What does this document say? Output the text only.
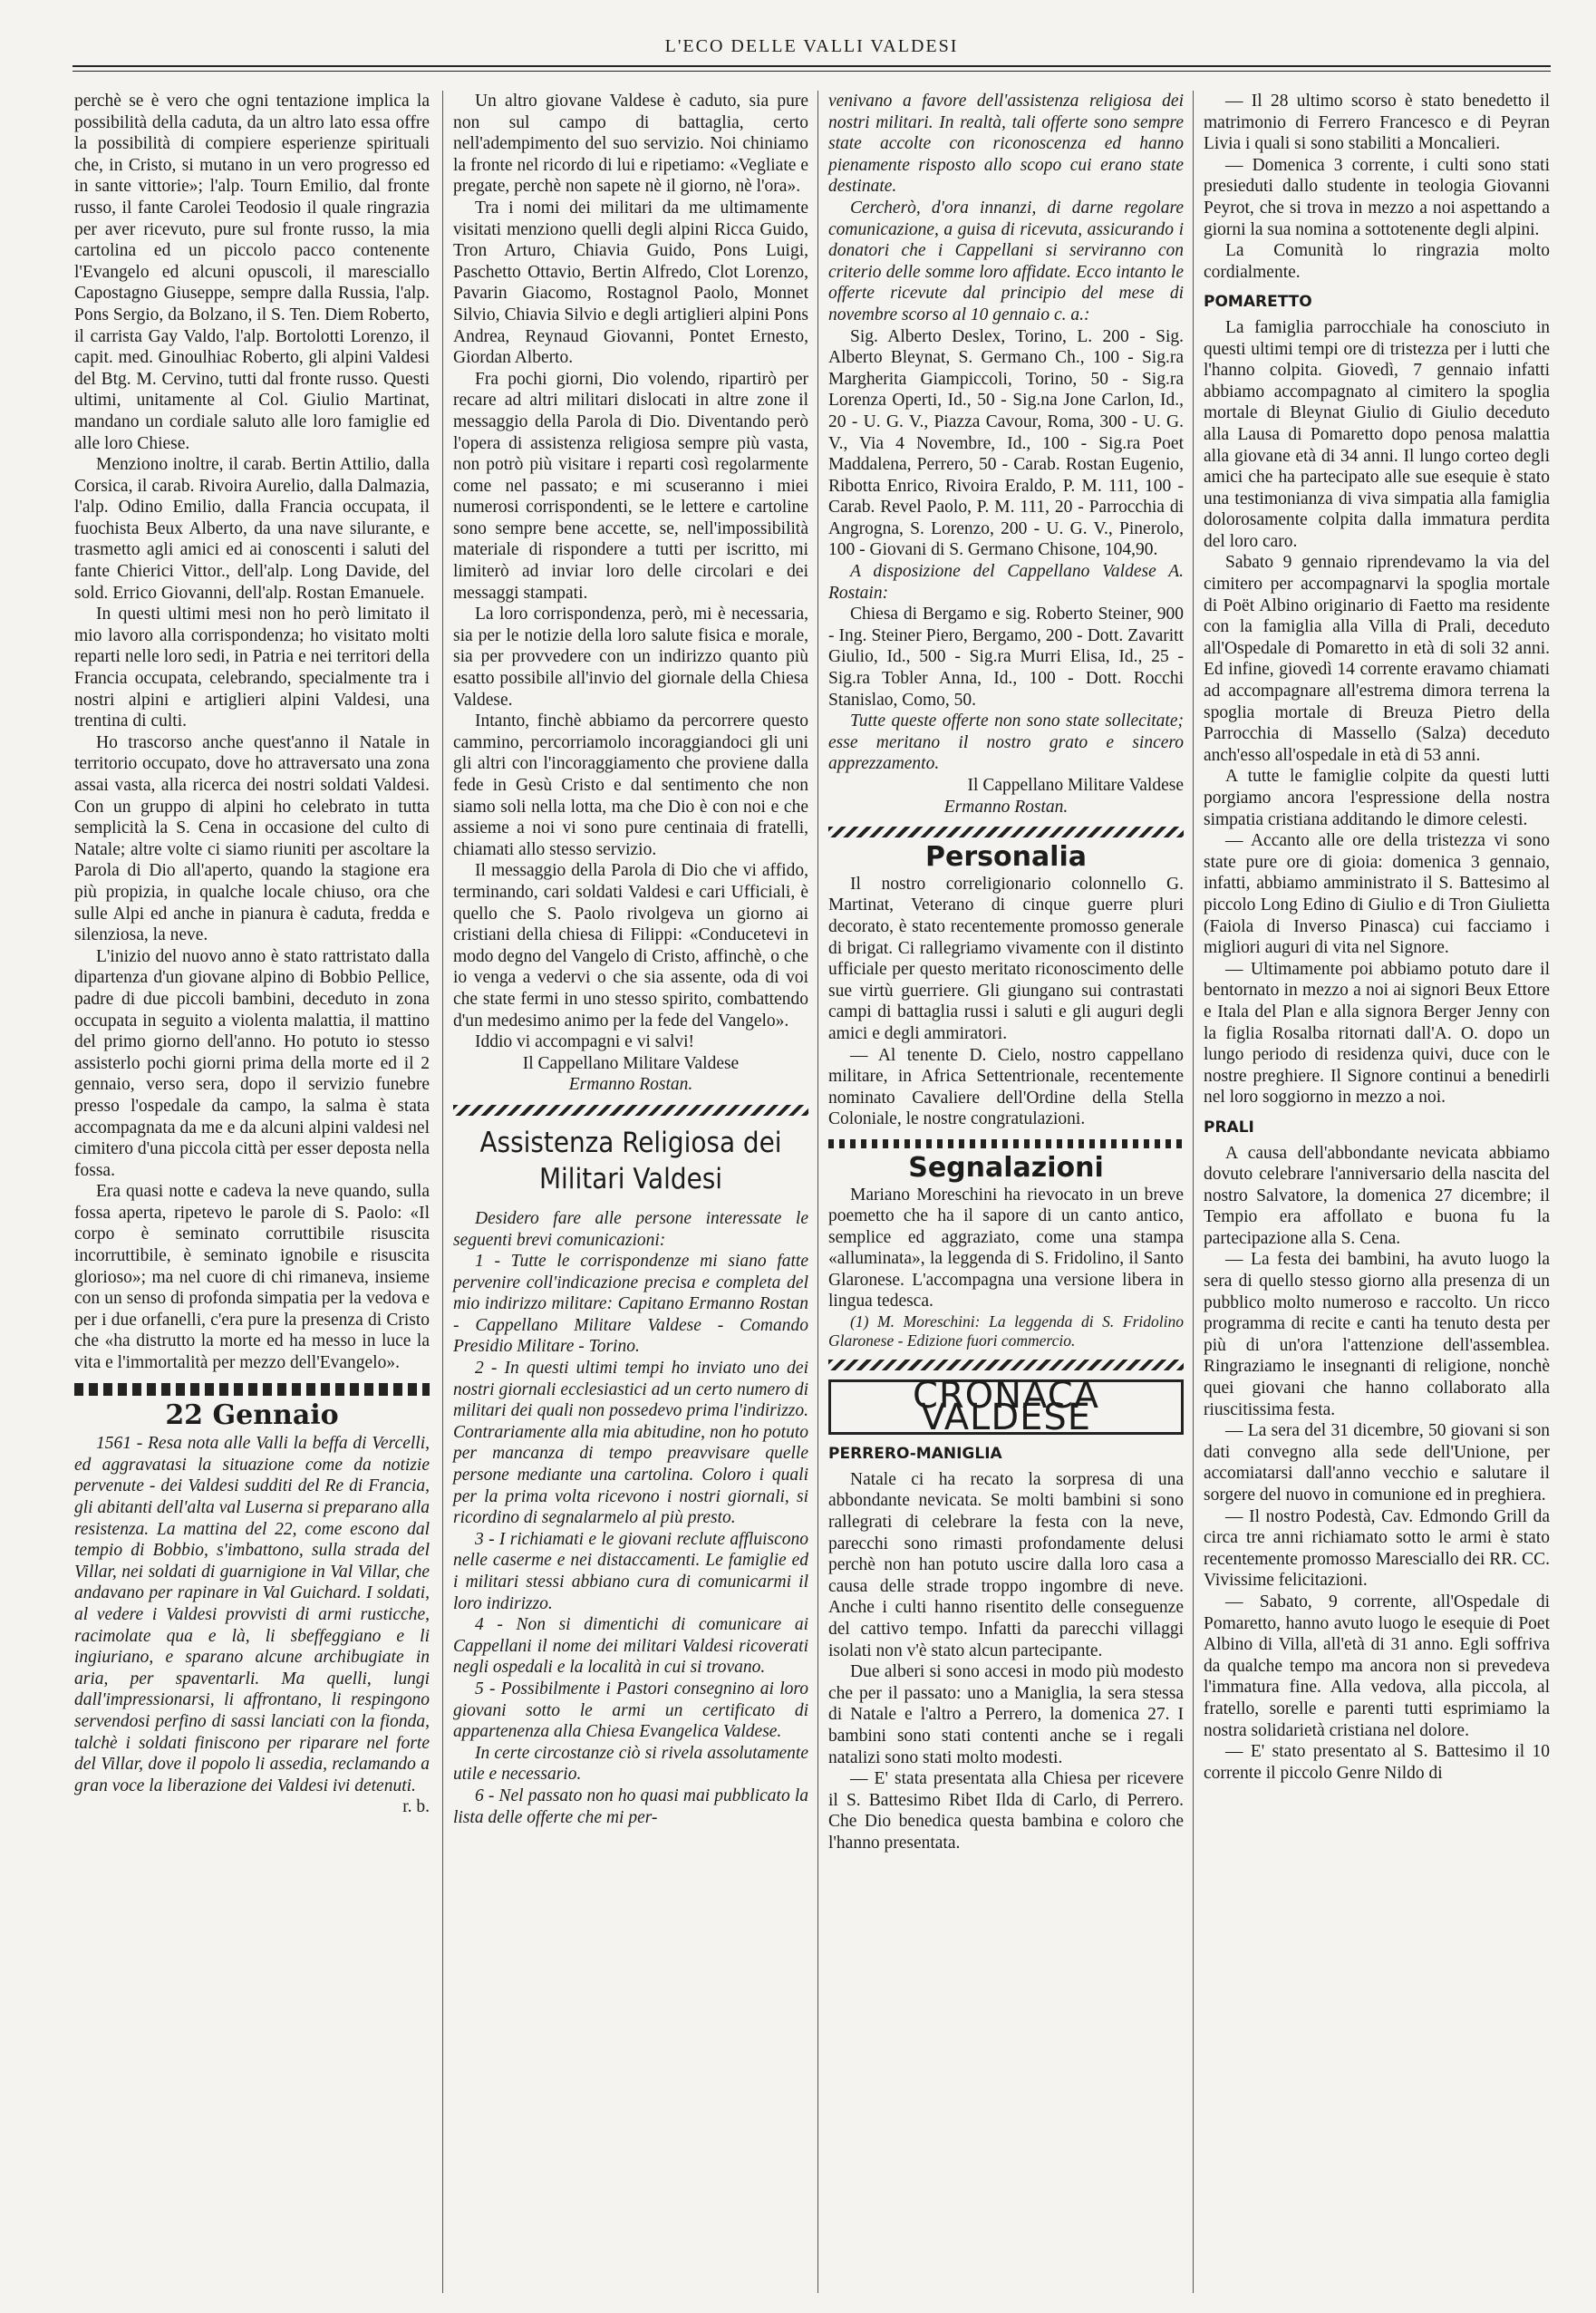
L'ECO DELLE VALLI VALDESI

perchè se è vero che ogni tentazione implica la possibilità della caduta, da un altro lato essa offre la possibilità di compiere esperienze spirituali che, in Cristo, si mutano in un vero progresso ed in sante vittorie»; l'alp. Tourn Emilio, dal fronte russo, il fante Carolei Teodosio il quale ringrazia per aver ricevuto, pure sul fronte russo, la mia cartolina ed un piccolo pacco contenente l'Evangelo ed alcuni opuscoli, il maresciallo Capostagno Giuseppe, sempre dalla Russia, l'alp. Pons Sergio, da Bolzano, il S. Ten. Diem Roberto, il carrista Gay Valdo, l'alp. Bortolotti Lorenzo, il capit. med. Ginoulhiac Roberto, gli alpini Valdesi del Btg. M. Cervino, tutti dal fronte russo. Questi ultimi, unitamente al Col. Giulio Martinat, mandano un cordiale saluto alle loro famiglie ed alle loro Chiese.

Menziono inoltre, il carab. Bertin Attilio, dalla Corsica, il carab. Rivoira Aurelio, dalla Dalmazia, l'alp. Odino Emilio, dalla Francia occupata, il fuochista Beux Alberto, da una nave silurante, e trasmetto agli amici ed ai conoscenti i saluti del fante Chierici Vittor., dell'alp. Long Davide, del sold. Errico Giovanni, dell'alp. Rostan Emanuele.

In questi ultimi mesi non ho però limitato il mio lavoro alla corrispondenza; ho visitato molti reparti nelle loro sedi, in Patria e nei territori della Francia occupata, celebrando, specialmente tra i nostri alpini e artiglieri alpini Valdesi, una trentina di culti.

Ho trascorso anche quest'anno il Natale in territorio occupato, dove ho attraversato una zona assai vasta, alla ricerca dei nostri soldati Valdesi. Con un gruppo di alpini ho celebrato in tutta semplicità la S. Cena in occasione del culto di Natale; altre volte ci siamo riuniti per ascoltare la Parola di Dio all'aperto, quando la stagione era più propizia, in qualche locale chiuso, ora che sulle Alpi ed anche in pianura è caduta, fredda e silenziosa, la neve.

L'inizio del nuovo anno è stato rattristato dalla dipartenza d'un giovane alpino di Bobbio Pellice, padre di due piccoli bambini, deceduto in zona occupata in seguito a violenta malattia, il mattino del primo giorno dell'anno. Ho potuto io stesso assisterlo pochi giorni prima della morte ed il 2 gennaio, verso sera, dopo il servizio funebre presso l'ospedale da campo, la salma è stata accompagnata da me e da alcuni alpini valdesi nel cimitero d'una piccola città per esser deposta nella fossa.

Era quasi notte e cadeva la neve quando, sulla fossa aperta, ripetevo le parole di S. Paolo: «Il corpo è seminato corruttibile risuscita incorruttibile, è seminato ignobile e risuscita glorioso»; ma nel cuore di chi rimaneva, insieme con un senso di profonda simpatia per la vedova e per i due orfanelli, c'era pure la presenza di Cristo che «ha distrutto la morte ed ha messo in luce la vita e l'immortalità per mezzo dell'Evangelo».

22 Gennaio

1561 - Resa nota alle Valli la beffa di Vercelli, ed aggravatasi la situazione come da notizie pervenute - dei Valdesi sudditi del Re di Francia, gli abitanti dell'alta val Luserna si preparano alla resistenza. La mattina del 22, come escono dal tempio di Bobbio, s'imbattono, sulla strada del Villar, nei soldati di guarnigione in Val Villar, che andavano per rapinare in Val Guichard. I soldati, al vedere i Valdesi provvisti di armi rusticche, racimolate qua e là, li sbeffeggiano e li ingiuriano, e sparano alcune archibugiate in aria, per spaventarli. Ma quelli, lungi dall'impressionarsi, li affrontano, li respingono servendosi perfino di sassi lanciati con la fionda, talchè i soldati finiscono per riparare nel forte del Villar, dove il popolo li assedia, reclamando a gran voce la liberazione dei Valdesi ivi detenuti.

r. b.

Un altro giovane Valdese è caduto, sia pure non sul campo di battaglia, certo nell'adempimento del suo servizio. Noi chiniamo la fronte nel ricordo di lui e ripetiamo: «Vegliate e pregate, perchè non sapete nè il giorno, nè l'ora».

Tra i nomi dei militari da me ultimamente visitati menziono quelli degli alpini Ricca Guido, Tron Arturo, Chiavia Guido, Pons Luigi, Paschetto Ottavio, Bertin Alfredo, Clot Lorenzo, Pavarin Giacomo, Rostagnol Paolo, Monnet Silvio, Chiavia Silvio e degli artiglieri alpini Pons Andrea, Reynaud Giovanni, Pontet Ernesto, Giordan Alberto.

Fra pochi giorni, Dio volendo, ripartirò per recare ad altri militari dislocati in altre zone il messaggio della Parola di Dio. Diventando però l'opera di assistenza religiosa sempre più vasta, non potrò più visitare i reparti così regolarmente come nel passato; e mi scuseranno i miei numerosi corrispondenti, se le lettere e cartoline sono sempre bene accette, se, nell'impossibilità materiale di rispondere a tutti per iscritto, mi limiterò ad inviar loro delle circolari e dei messaggi stampati.

La loro corrispondenza, però, mi è necessaria, sia per le notizie della loro salute fisica e morale, sia per provvedere con un indirizzo quanto più esatto possibile all'invio del giornale della Chiesa Valdese.

Intanto, finchè abbiamo da percorrere questo cammino, percorriamolo incoraggiandoci gli uni gli altri con l'incoraggiamento che proviene dalla fede in Gesù Cristo e dal sentimento che non siamo soli nella lotta, ma che Dio è con noi e che assieme a noi vi sono pure centinaia di fratelli, chiamati allo stesso servizio.

Il messaggio della Parola di Dio che vi affido, terminando, cari soldati Valdesi e cari Ufficiali, è quello che S. Paolo rivolgeva un giorno ai cristiani della chiesa di Filippi: «Conducetevi in modo degno del Vangelo di Cristo, affinchè, o che io venga a vedervi o che sia assente, oda di voi che state fermi in uno stesso spirito, combattendo d'un medesimo animo per la fede del Vangelo».

Iddio vi accompagni e vi salvi!

Il Cappellano Militare Valdese

Ermanno Rostan.

Assistenza Religiosa dei Militari Valdesi

Desidero fare alle persone interessate le seguenti brevi comunicazioni:

1 - Tutte le corrispondenze mi siano fatte pervenire coll'indicazione precisa e completa del mio indirizzo militare: Capitano Ermanno Rostan - Cappellano Militare Valdese - Comando Presidio Militare - Torino.

2 - In questi ultimi tempi ho inviato uno dei nostri giornali ecclesiastici ad un certo numero di militari dei quali non possedevo prima l'indirizzo. Contrariamente alla mia abitudine, non ho potuto per mancanza di tempo preavvisare quelle persone mediante una cartolina. Coloro i quali per la prima volta ricevono i nostri giornali, si ricordino di segnalarmelo al più presto.

3 - I richiamati e le giovani reclute affluiscono nelle caserme e nei distaccamenti. Le famiglie ed i militari stessi abbiano cura di comunicarmi il loro indirizzo.

4 - Non si dimentichi di comunicare ai Cappellani il nome dei militari Valdesi ricoverati negli ospedali e la località in cui si trovano.

5 - Possibilmente i Pastori consegnino ai loro giovani sotto le armi un certificato di appartenenza alla Chiesa Evangelica Valdese.

In certe circostanze ciò si rivela assolutamente utile e necessario.

6 - Nel passato non ho quasi mai pubblicato la lista delle offerte che mi per-

venivano a favore dell'assistenza religiosa dei nostri militari. In realtà, tali offerte sono sempre state accolte con riconoscenza ed hanno pienamente risposto allo scopo cui erano state destinate.

Cercherò, d'ora innanzi, di darne regolare comunicazione, a guisa di ricevuta, assicurando i donatori che i Cappellani si serviranno con criterio delle somme loro affidate. Ecco intanto le offerte ricevute dal principio del mese di novembre scorso al 10 gennaio c. a.:

Sig. Alberto Deslex, Torino, L. 200 - Sig. Alberto Bleynat, S. Germano Ch., 100 - Sig.ra Margherita Giampiccoli, Torino, 50 - Sig.ra Lorenza Operti, Id., 50 - Sig.na Jone Carlon, Id., 20 - U. G. V., Piazza Cavour, Roma, 300 - U. G. V., Via 4 Novembre, Id., 100 - Sig.ra Poet Maddalena, Perrero, 50 - Carab. Rostan Eugenio, Ribotta Enrico, Rivoira Eraldo, P. M. 111, 100 - Carab. Revel Paolo, P. M. 111, 20 - Parrocchia di Angrogna, S. Lorenzo, 200 - U. G. V., Pinerolo, 100 - Giovani di S. Germano Chisone, 104,90.

A disposizione del Cappellano Valdese A. Rostain:

Chiesa di Bergamo e sig. Roberto Steiner, 900 - Ing. Steiner Piero, Bergamo, 200 - Dott. Zavaritt Giulio, Id., 500 - Sig.ra Murri Elisa, Id., 25 - Sig.ra Tobler Anna, Id., 100 - Dott. Rocchi Stanislao, Como, 50.

Tutte queste offerte non sono state sollecitate; esse meritano il nostro grato e sincero apprezzamento.

Il Cappellano Militare Valdese

Ermanno Rostan.

Personalia

Il nostro correligionario colonnello G. Martinat, Veterano di cinque guerre pluri decorato, è stato recentemente promosso generale di brigat. Ci rallegriamo vivamente con il distinto ufficiale per questo meritato riconoscimento delle sue virtù guerriere. Gli giungano sui contrastati campi di battaglia russi i saluti e gli auguri degli amici e degli ammiratori.

— Al tenente D. Cielo, nostro cappellano militare, in Africa Settentrionale, recentemente nominato Cavaliere dell'Ordine della Stella Coloniale, le nostre congratulazioni.

Segnalazioni

Mariano Moreschini ha rievocato in un breve poemetto che ha il sapore di un canto antico, semplice ed aggraziato, come una stampa «alluminata», la leggenda di S. Fridolino, il Santo Glaronese. L'accompagna una versione libera in lingua tedesca.

(1) M. Moreschini: La leggenda di S. Fridolino Glaronese - Edizione fuori commercio.

CRONACA VALDESE
PERRERO-MANIGLIA

Natale ci ha recato la sorpresa di una abbondante nevicata. Se molti bambini si sono rallegrati di celebrare la festa con la neve, parecchi sono rimasti profondamente delusi perchè non han potuto uscire dalla loro casa a causa delle strade troppo ingombre di neve. Anche i culti hanno risentito delle conseguenze del cattivo tempo. Infatti da parecchi villaggi isolati non v'è stato alcun partecipante.

Due alberi si sono accesi in modo più modesto che per il passato: uno a Maniglia, la sera stessa di Natale e l'altro a Perrero, la domenica 27. I bambini sono stati contenti anche se i regali natalizi sono stati molto modesti.

— E' stata presentata alla Chiesa per ricevere il S. Battesimo Ribet Ilda di Carlo, di Perrero. Che Dio benedica questa bambina e coloro che l'hanno presentata.

— Il 28 ultimo scorso è stato benedetto il matrimonio di Ferrero Francesco e di Peyran Livia i quali si sono stabiliti a Moncalieri.

— Domenica 3 corrente, i culti sono stati presieduti dallo studente in teologia Giovanni Peyrot, che si trova in mezzo a noi aspettando a giorni la sua nomina a sottotenente degli alpini.

La Comunità lo ringrazia molto cordialmente.

POMARETTO

La famiglia parrocchiale ha conosciuto in questi ultimi tempi ore di tristezza per i lutti che l'hanno colpita. Giovedì, 7 gennaio infatti abbiamo accompagnato al cimitero la spoglia mortale di Bleynat Giulio di Giulio deceduto alla Lausa di Pomaretto dopo penosa malattia alla giovane età di 34 anni. Il lungo corteo degli amici che ha partecipato alle sue esequie è stato una testimonianza di viva simpatia alla famiglia dolorosamente colpita dalla immatura perdita del loro caro.

Sabato 9 gennaio riprendevamo la via del cimitero per accompagnarvi la spoglia mortale di Poët Albino originario di Faetto ma residente con la famiglia alla Villa di Prali, deceduto all'Ospedale di Pomaretto in età di soli 32 anni. Ed infine, giovedì 14 corrente eravamo chiamati ad accompagnare all'estrema dimora terrena la spoglia mortale di Breuza Pietro della Parrocchia di Massello (Salza) deceduto anch'esso all'ospedale in età di 53 anni.

A tutte le famiglie colpite da questi lutti porgiamo ancora l'espressione della nostra simpatia cristiana additando le dimore celesti.

— Accanto alle ore della tristezza vi sono state pure ore di gioia: domenica 3 gennaio, infatti, abbiamo amministrato il S. Battesimo al piccolo Long Edino di Giulio e di Tron Giulietta (Faiola di Inverso Pinasca) cui facciamo i migliori auguri di vita nel Signore.

— Ultimamente poi abbiamo potuto dare il bentornato in mezzo a noi ai signori Beux Ettore e Itala del Plan e alla signora Berger Jenny con la figlia Rosalba ritornati dall'A. O. dopo un lungo periodo di residenza quivi, duce con le nostre preghiere. Il Signore continui a benedirli nel loro soggiorno in mezzo a noi.

PRALI

A causa dell'abbondante nevicata abbiamo dovuto celebrare l'anniversario della nascita del nostro Salvatore, la domenica 27 dicembre; il Tempio era affollato e buona fu la partecipazione alla S. Cena.

— La festa dei bambini, ha avuto luogo la sera di quello stesso giorno alla presenza di un pubblico molto numeroso e raccolto. Un ricco programma di recite e canti ha tenuto desta per più di un'ora l'attenzione dell'assemblea. Ringraziamo le insegnanti di religione, nonchè quei giovani che hanno collaborato alla riuscitissima festa.

— La sera del 31 dicembre, 50 giovani si son dati convegno alla sede dell'Unione, per accomiatarsi dall'anno vecchio e salutare il sorgere del nuovo in comunione ed in preghiera.

— Il nostro Podestà, Cav. Edmondo Grill da circa tre anni richiamato sotto le armi è stato recentemente promosso Maresciallo dei RR. CC. Vivissime felicitazioni.

— Sabato, 9 corrente, all'Ospedale di Pomaretto, hanno avuto luogo le esequie di Poet Albino di Villa, all'età di 31 anno. Egli soffriva da qualche tempo ma ancora non si prevedeva l'immatura fine. Alla vedova, alla piccola, al fratello, sorelle e parenti tutti esprimiamo la nostra solidarietà cristiana nel dolore.

— E' stato presentato al S. Battesimo il 10 corrente il piccolo Genre Nildo di
